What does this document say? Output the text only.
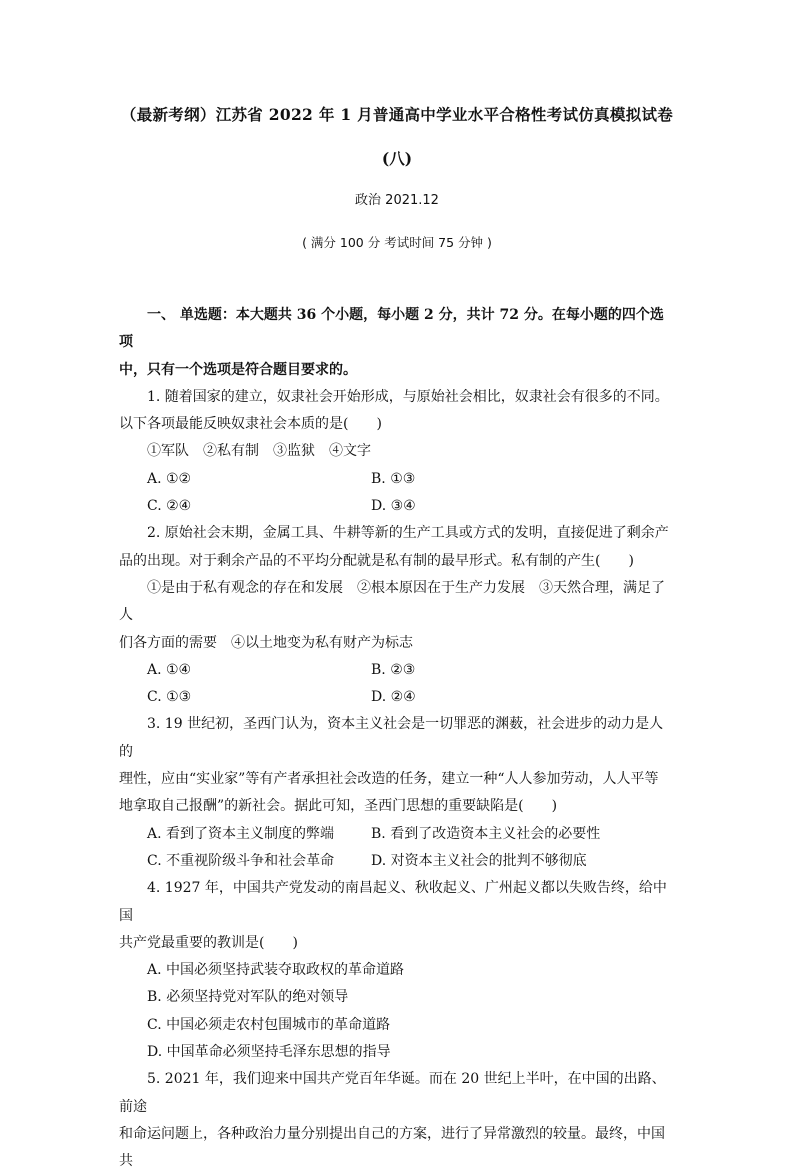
（最新考纲）江苏省 2022 年 1 月普通高中学业水平合格性考试仿真模拟试卷
(八)
政治 2021.12
( 满分 100 分 考试时间 75 分钟 )

一、 单选题：本大题共 36 个小题，每小题 2 分，共计 72 分。在每小题的四个选项

中，只有一个选项是符合题目要求的。

1. 随着国家的建立，奴隶社会开始形成，与原始社会相比，奴隶社会有很多的不同。

以下各项最能反映奴隶社会本质的是(　　)

①军队　②私有制　③监狱　④文字

A. ①②	B. ①③
C. ②④	D. ③④

2. 原始社会末期，金属工具、牛耕等新的生产工具或方式的发明，直接促进了剩余产

品的出现。对于剩余产品的不平均分配就是私有制的最早形式。私有制的产生(　　)

①是由于私有观念的存在和发展　②根本原因在于生产力发展　③天然合理，满足了人

们各方面的需要　④以土地变为私有财产为标志

A. ①④	B. ②③
C. ①③	D. ②④

3. 19 世纪初，圣西门认为，资本主义社会是一切罪恶的渊薮，社会进步的动力是人的

理性，应由“实业家”等有产者承担社会改造的任务，建立一种“人人参加劳动，人人平等

地拿取自己报酬”的新社会。据此可知，圣西门思想的重要缺陷是(　　)

A. 看到了资本主义制度的弊端	B. 看到了改造资本主义社会的必要性
C. 不重视阶级斗争和社会革命	D. 对资本主义社会的批判不够彻底

4. 1927 年，中国共产党发动的南昌起义、秋收起义、广州起义都以失败告终，给中国

共产党最重要的教训是(　　)

A. 中国必须坚持武装夺取政权的革命道路

B. 必须坚持党对军队的绝对领导

C. 中国必须走农村包围城市的革命道路

D. 中国革命必须坚持毛泽东思想的指导

5. 2021 年，我们迎来中国共产党百年华诞。而在 20 世纪上半叶，在中国的出路、前途

和命运问题上，各种政治力量分别提出自己的方案，进行了异常激烈的较量。最终，中国共
